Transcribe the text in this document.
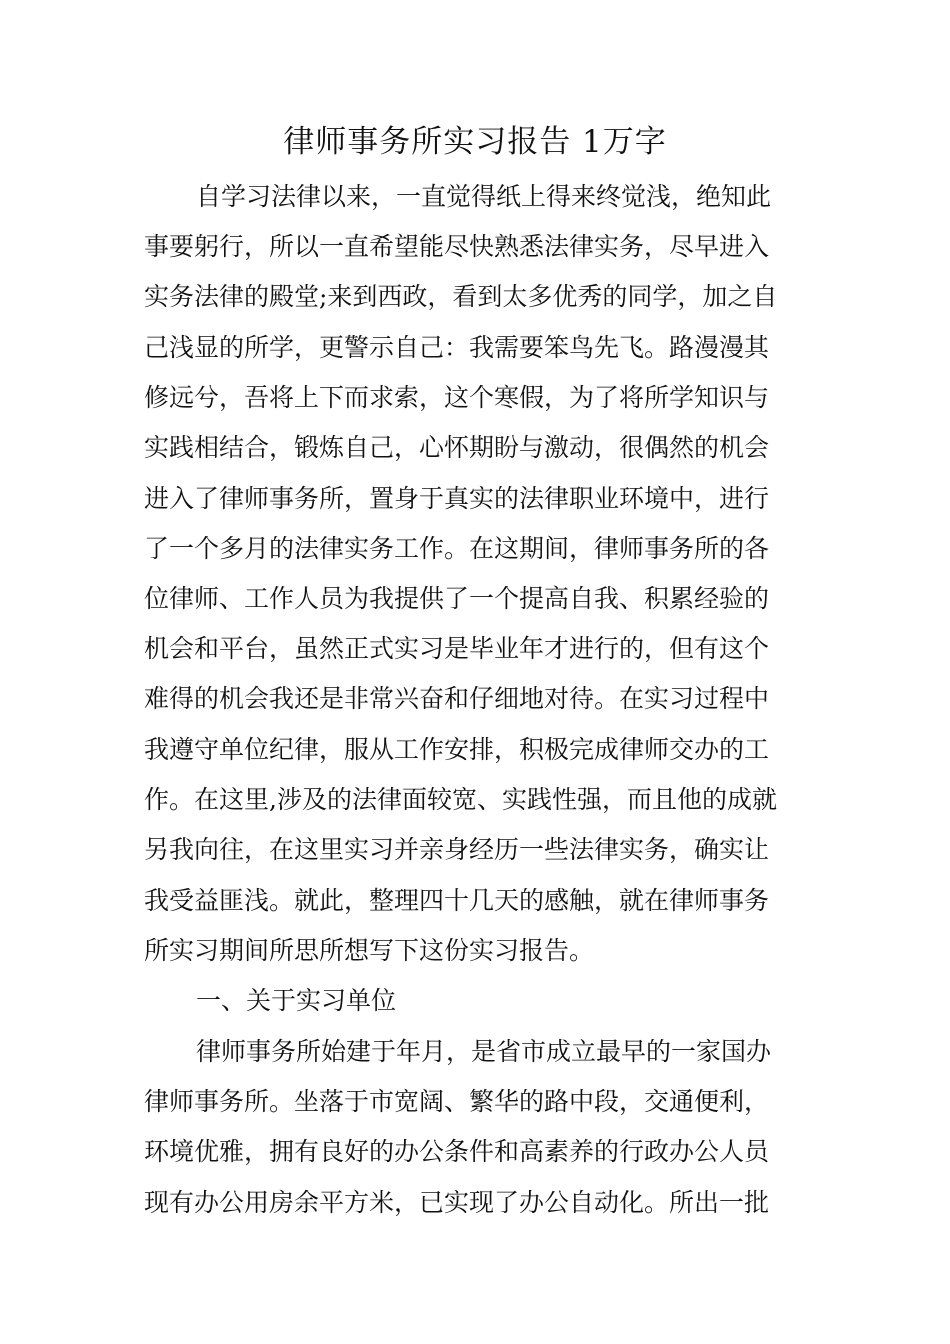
律师事务所实习报告 1万字
自学习法律以来，一直觉得纸上得来终觉浅，绝知此
事要躬行，所以一直希望能尽快熟悉法律实务，尽早进入
实务法律的殿堂;来到西政，看到太多优秀的同学，加之自
己浅显的所学，更警示自己：我需要笨鸟先飞。路漫漫其
修远兮，吾将上下而求索，这个寒假，为了将所学知识与
实践相结合，锻炼自己，心怀期盼与激动，很偶然的机会
进入了律师事务所，置身于真实的法律职业环境中，进行
了一个多月的法律实务工作。在这期间，律师事务所的各
位律师、工作人员为我提供了一个提高自我、积累经验的
机会和平台，虽然正式实习是毕业年才进行的，但有这个
难得的机会我还是非常兴奋和仔细地对待。在实习过程中
我遵守单位纪律，服从工作安排，积极完成律师交办的工
作。在这里,涉及的法律面较宽、实践性强，而且他的成就
另我向往，在这里实习并亲身经历一些法律实务，确实让
我受益匪浅。就此，整理四十几天的感触，就在律师事务
所实习期间所思所想写下这份实习报告。
一、关于实习单位
律师事务所始建于年月，是省市成立最早的一家国办
律师事务所。坐落于市宽阔、繁华的路中段，交通便利，
环境优雅，拥有良好的办公条件和高素养的行政办公人员
现有办公用房余平方米，已实现了办公自动化。所出一批
